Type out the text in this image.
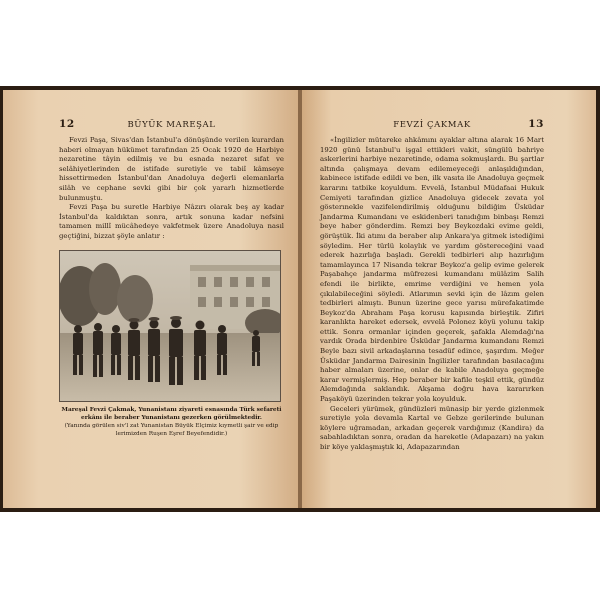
12	BÜYÜK MAREŞAL

Fevzi Paşa, Sivas'dan İstanbul'a dönüşünde verilen kurardan haberi olmayan hükümet tarafından 25 Ocak 1920 de Harbiye nezaretine tâyin edilmiş ve bu esnada nezaret sıfat ve selâhiyetlerinden de istifade suretiyle ve tabiî kâmseye hissettirmeden İstanbul'dan Anadoluya değerli elemanlarla silâh ve cephane sevki gibi bir çok yararlı hizmetlerde bulunmuştu.

Fevzi Paşa bu suretle Harbiye Nâzırı olarak beş ay kadar İstanbul'da kaldıktan sonra, artık sonuna kadar nefsini tamamen millî mücâhedeye vakfetmek üzere Anadoluya nasıl geçtiğini, bizzat şöyle anlatır :

Mareşal Fevzi Çakmak, Yunanistanı ziyareti esnasında Türk sefareti erkânı ile beraber Yunanistanı gezerken görülmektedir.
(Yanında görülen siv'l zat Yunanistan Büyük Elçimiz kıymetli şair ve edip lerimizden Ruşen Eşref Beyefendidir.)
FEVZİ ÇAKMAK	13

«İngilizler mütareke ahkâmını ayaklar altına alarak 16 Mart 1920 günü İstanbul'u işgal ettikleri vakit, süngülü bahriye askerlerini harbiye nezaretinde, odama sokmuşlardı. Bu şartlar altında çalışmaya devam edilemeyeceği anlaşıldığından, kabinece istifade edildi ve ben, ilk vasıta ile Anadoluya geçmek kararını tatbike koyuldum. Evvelâ, İstanbul Müdafaai Hukuk Cemiyeti tarafından gizlice Anadoluya gidecek zevata yol gösterınekle vazifelendirilmiş olduğunu bildiğim Üsküdar Jandarma Kumandanı ve eskidenberi tanıdığım binbaşı Remzi beye haber gönderdim. Remzi bey Beykozdaki evime geldi, görüştük. İki atımı da beraber alıp Ankara'ya gitmek istediğimi söyledim. Her türlü kolaylık ve yardım göstereceğini vaad ederek hazırlığa başladı. Gerekli tedbirleri alıp hazırlığım tamamlayınca 17 Nisanda tekrar Beykoz'a gelip evime gelerek Paşabahçe jandarma müfrezesi kumandanı mülâzim Salih efendi ile birlikte, emrime verdiğini ve hemen yola çıkılabileceğini söyledi. Atlarımın sevki için de lâzım gelen tedbirleri almıştı. Bunun üzerine gece yarısı mürefakatimde Beykoz'da Abraham Paşa korusu kapısında birleştik. Zifiri karanlıkta hareket edersek, evvelâ Polonez köyü yolunu takip ettik. Sonra ormanlar içinden geçerek, şafakla Alemdağı'na vardık Orada birdenbire Üsküdar Jandarma kumandanı Remzi Beyle bazı sivil arkadaşlarına tesadüf edince, şaşırdım. Meğer Üsküdar Jandarma Dairesinin İngilizler tarafından basılacağını haber almaları üzerine, onlar de kabile Anadoluya geçmeğe karar vermişlermiş. Hep beraber bir kafile teşkil ettik, gündüz Alemdağında saklandık. Akşama doğru hava kararırken Paşaköyü üzerinden tekrar yola koyulduk.

Geceleri yürümek, gündüzleri münasip bir yerde gizlenmek suretiyle yola devamla Kartal ve Gebze gerilerinde bulunan köylere uğramadan, arkadan geçerek vardığımız (Kandira) da sabahladıktan sonra, oradan da hareketle (Adapazarı) na yakın bir köye yaklaşmıştık ki, Adapazarından
